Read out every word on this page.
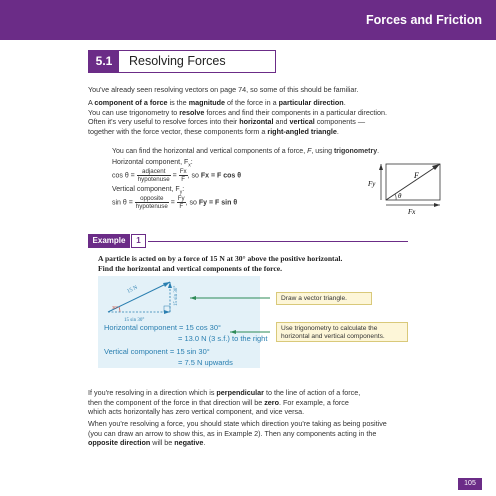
Forces and Friction
5.1	Resolving Forces
You've already seen resolving vectors on page 74, so some of this should be familiar.
A component of a force is the magnitude of the force in a particular direction.
You can use trigonometry to resolve forces and find their components in a particular direction.
Often it's very useful to resolve forces into their horizontal and vertical components —
together with the force vector, these components form a right-angled triangle.
You can find the horizontal and vertical components of a force, F, using trigonometry.
Horizontal component, $F_x$:
$\cos \theta = \frac{\text{adjacent}}{\text{hypotenuse}} = \frac{Fx}{F}$ , so Fx = F cos θ
Vertical component, $F_y$:
$\sin \theta = \frac{\text{opposite}}{\text{hypotenuse}} = \frac{Fy}{F}$ , so Fy = F sin θ
F
Fy
Fx
θ
Example	1
A particle is acted on by a force of 15 N at 30° above the positive horizontal.
Find the horizontal and vertical components of the force.
15 N
30°
15 sin 30°
15 sin 30°
Horizontal component = 15 cos 30°
= 13.0 N (3 s.f.) to the right
Vertical component = 15 sin 30°
= 7.5 N upwards
Draw a vector triangle.
Use trigonometry to calculate the horizontal and vertical components.
If you're resolving in a direction which is perpendicular to the line of action of a force,
then the component of the force in that direction will be zero. For example, a force
which acts horizontally has zero vertical component, and vice versa.
When you're resolving a force, you should state which direction you're taking as being positive
(you can draw an arrow to show this, as in Example 2). Then any components acting in the
opposite direction will be negative.
105
